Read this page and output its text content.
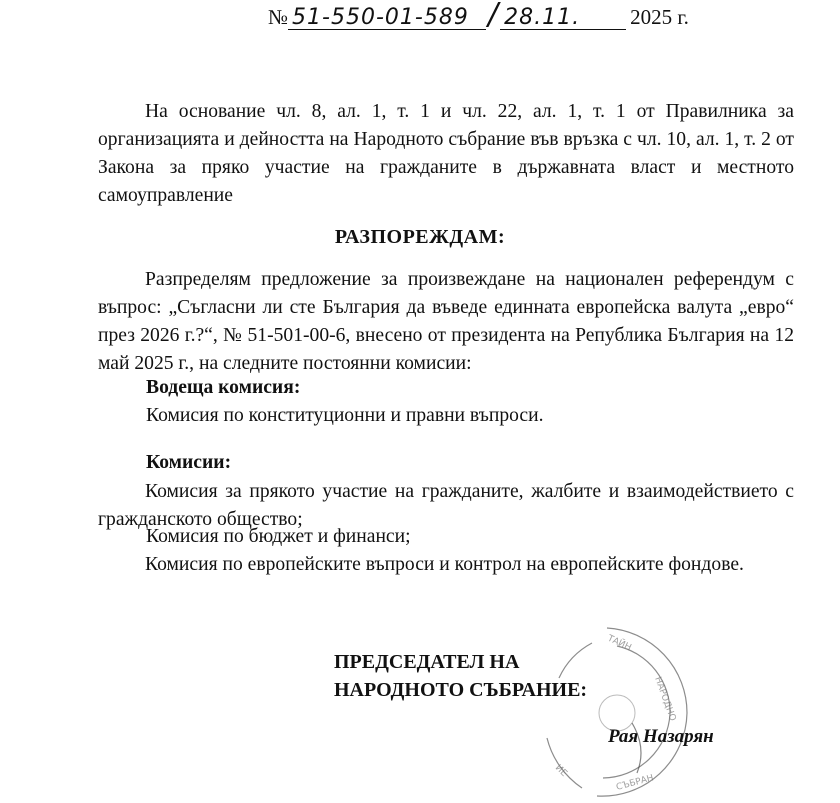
№ 51-550-01-589 / 28.11. 2025 г.
На основание чл. 8, ал. 1, т. 1 и чл. 22, ал. 1, т. 1 от Правилника за организацията и дейността на Народното събрание във връзка с чл. 10, ал. 1, т. 2 от Закона за пряко участие на гражданите в държавната власт и местното самоуправление
РАЗПОРЕЖДАМ:
Разпределям предложение за произвеждане на национален референдум с въпрос: „Съгласни ли сте България да въведе единната европейска валута „евро“ през 2026 г.?“, № 51-501-00-6, внесено от президента на Република България на 12 май 2025 г., на следните постоянни комисии:
Водеща комисия:
Комисия по конституционни и правни въпроси.
Комисии:
Комисия за прякото участие на гражданите, жалбите и взаимодействието с гражданското общество;
Комисия по бюджет и финанси;
Комисия по европейските въпроси и контрол на европейските фондове.
ТАЙН
НАРОДНО
СЪБРАН
ИЕ
ПРЕДСЕДАТЕЛ НА
НАРОДНОТО СЪБРАНИЕ:
Рая Назарян
